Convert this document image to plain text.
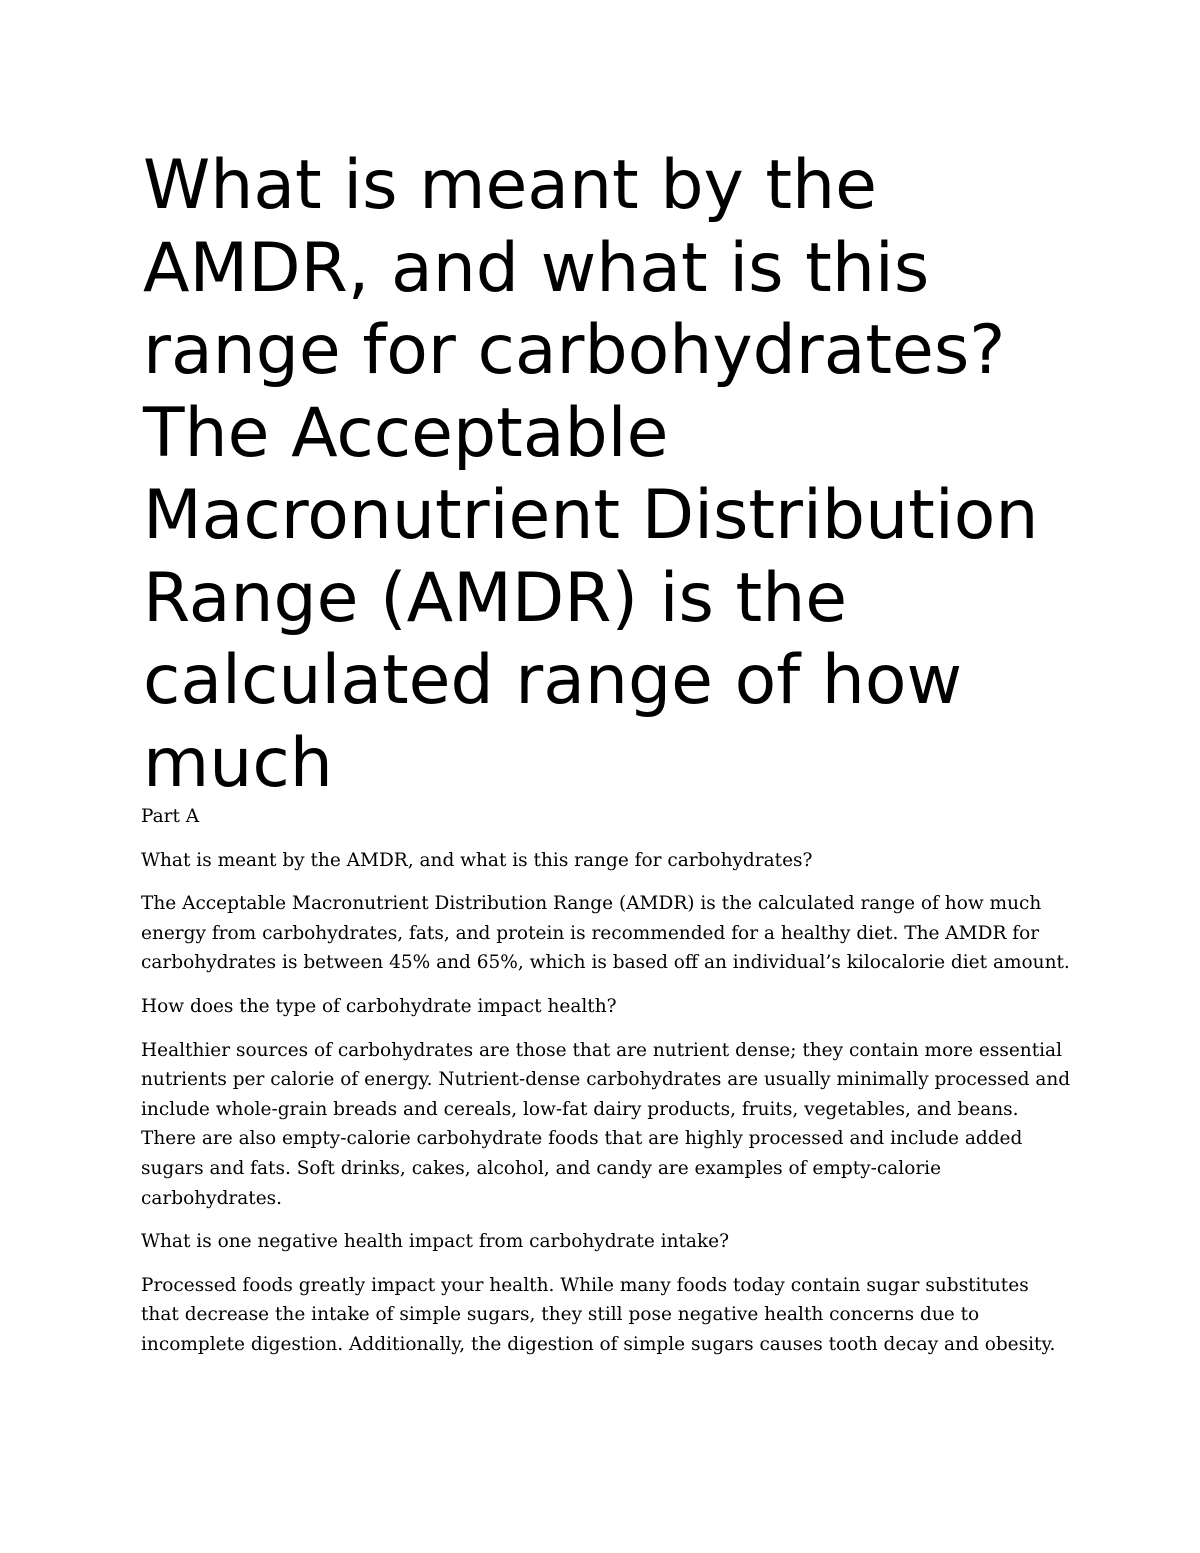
What is meant by the AMDR, and what is this range for carbohydrates? The Acceptable Macronutrient Distribution Range (AMDR) is the calculated range of how much

Part A

What is meant by the AMDR, and what is this range for carbohydrates?

The Acceptable Macronutrient Distribution Range (AMDR) is the calculated range of how much energy from carbohydrates, fats, and protein is recommended for a healthy diet. The AMDR for carbohydrates is between 45% and 65%, which is based off an individual’s kilocalorie diet amount.

How does the type of carbohydrate impact health?

Healthier sources of carbohydrates are those that are nutrient dense; they contain more essential nutrients per calorie of energy. Nutrient-dense carbohydrates are usually minimally processed and include whole-grain breads and cereals, low-fat dairy products, fruits, vegetables, and beans. There are also empty-calorie carbohydrate foods that are highly processed and include added sugars and fats. Soft drinks, cakes, alcohol, and candy are examples of empty-calorie carbohydrates.

What is one negative health impact from carbohydrate intake?

Processed foods greatly impact your health. While many foods today contain sugar substitutes that decrease the intake of simple sugars, they still pose negative health concerns due to incomplete digestion. Additionally, the digestion of simple sugars causes tooth decay and obesity.
